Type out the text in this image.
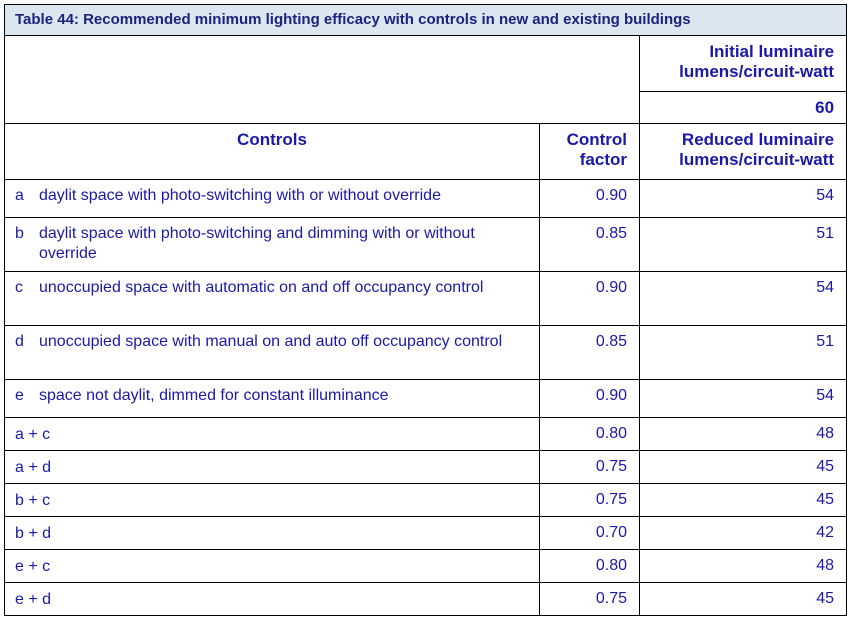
Table 44: Recommended minimum lighting efficacy with controls in new and existing buildings		
		Initial luminaire lumens/circuit-watt
		60
Controls	Control factor	Reduced luminaire lumens/circuit-watt
a daylit space with photo-switching with or without override	0.90	54
b daylit space with photo-switching and dimming with or without override	0.85	51
c unoccupied space with automatic on and off occupancy control	0.90	54
d unoccupied space with manual on and auto off occupancy control	0.85	51
e space not daylit, dimmed for constant illuminance	0.90	54
a + c	0.80	48
a + d	0.75	45
b + c	0.75	45
b + d	0.70	42
e + c	0.80	48
e + d	0.75	45
